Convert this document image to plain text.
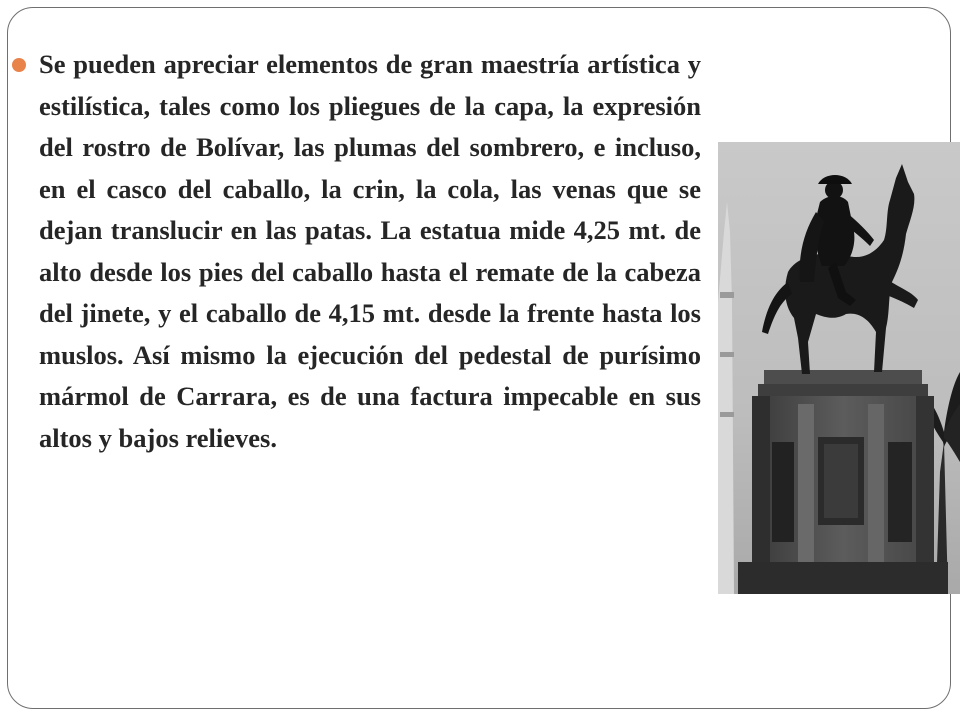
Se pueden apreciar elementos de gran maestría artística y estilística, tales como los pliegues de la capa, la expresión del rostro de Bolívar, las plumas del sombrero, e incluso, en el casco del caballo, la crin, la cola, las venas que se dejan translucir en las patas. La estatua mide 4,25 mt. de alto desde los pies del caballo hasta el remate de la cabeza del jinete, y el caballo de 4,15 mt. desde la frente hasta los muslos. Así mismo la ejecución del pedestal de purísimo mármol de Carrara, es de una factura impecable en sus altos y bajos relieves.
